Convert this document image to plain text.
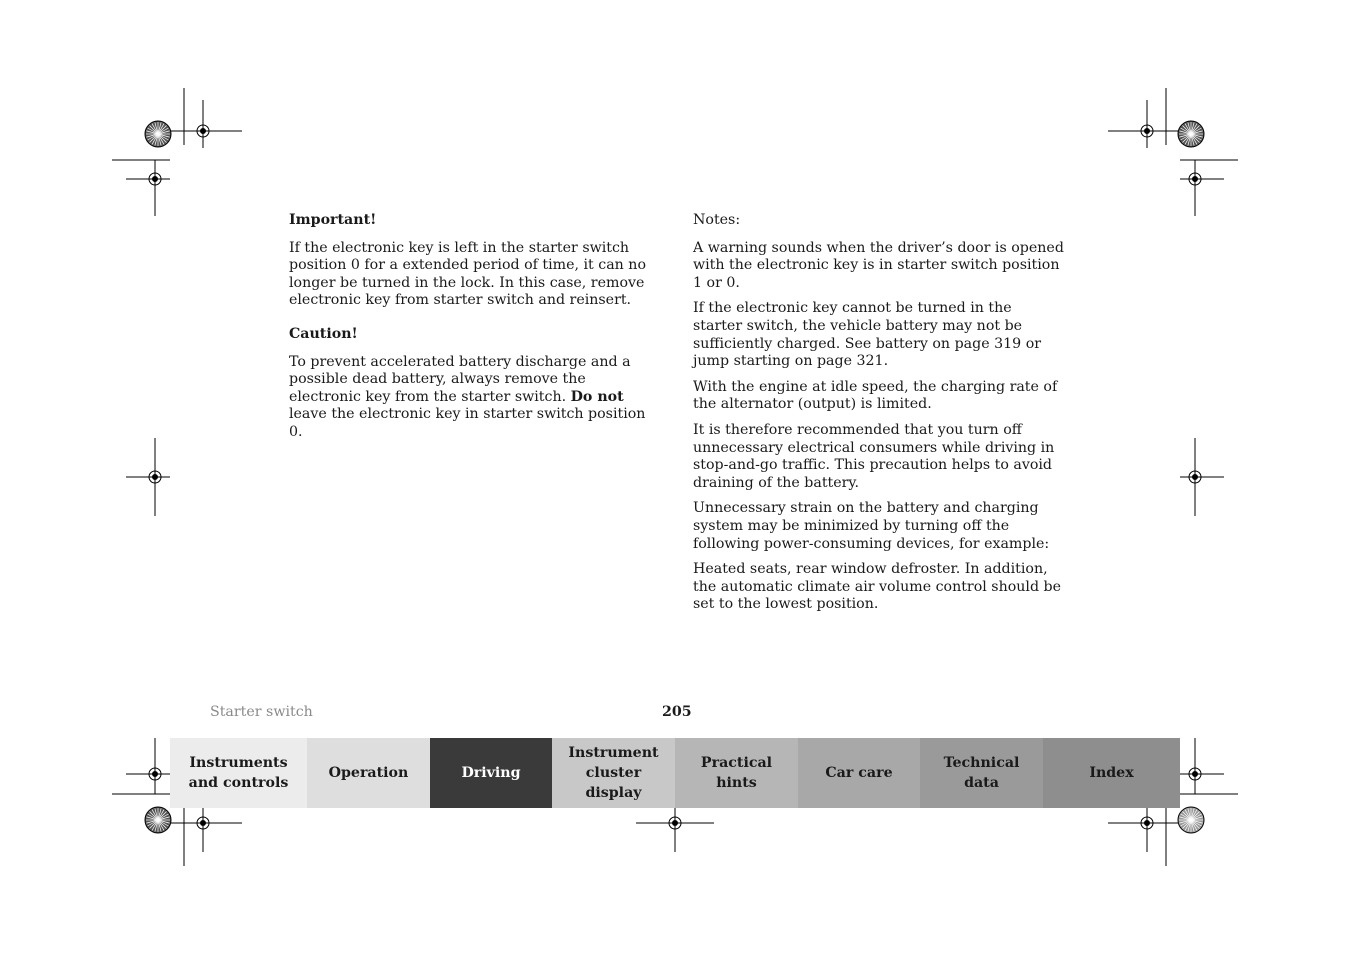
Important!

If the electronic key is left in the starter switch position 0 for a extended period of time, it can no longer be turned in the lock. In this case, remove electronic key from starter switch and reinsert.

Caution!

To prevent accelerated battery discharge and a possible dead battery, always remove the electronic key from the starter switch. Do not leave the electronic key in starter switch position 0.

Notes:

A warning sounds when the driver’s door is opened with the electronic key is in starter switch position 1 or 0.

If the electronic key cannot be turned in the starter switch, the vehicle battery may not be sufficiently charged. See battery on page 319 or jump starting on page 321.

With the engine at idle speed, the charging rate of the alternator (output) is limited.

It is therefore recommended that you turn off unnecessary electrical consumers while driving in stop-and-go traffic. This precaution helps to avoid draining of the battery.

Unnecessary strain on the battery and charging system may be minimized by turning off the following power-consuming devices, for example:

Heated seats, rear window defroster. In addition, the automatic climate air volume control should be set to the lowest position.

Starter switch	205
Instruments
and controls
Operation	Driving
Instrument
cluster display
Practical hints
Car care
Technical
data
Index
